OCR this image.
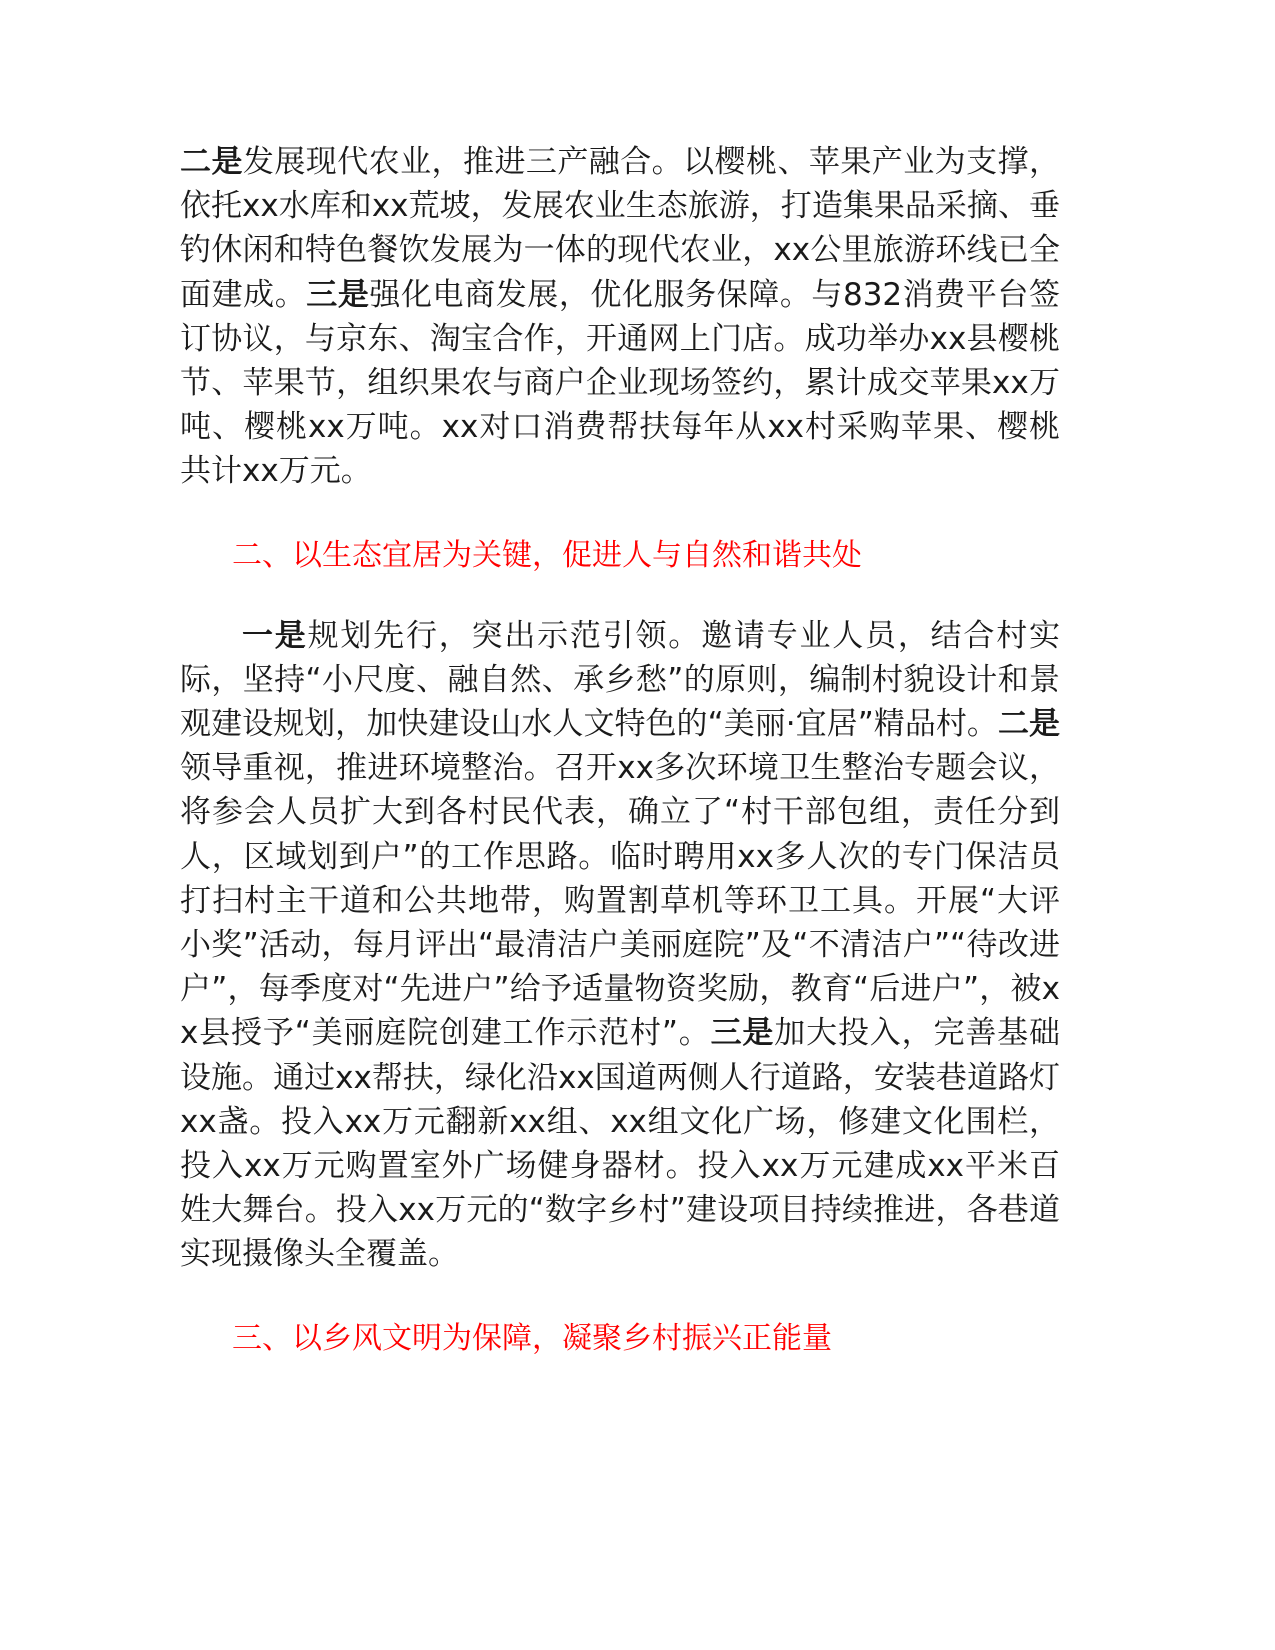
二是发展现代农业，推进三产融合。以樱桃、苹果产业为支撑，依托xx水库和xx荒坡，发展农业生态旅游，打造集果品采摘、垂钓休闲和特色餐饮发展为一体的现代农业，xx公里旅游环线已全面建成。三是强化电商发展，优化服务保障。与832消费平台签订协议，与京东、淘宝合作，开通网上门店。成功举办xx县樱桃节、苹果节，组织果农与商户企业现场签约，累计成交苹果xx万吨、樱桃xx万吨。xx对口消费帮扶每年从xx村采购苹果、樱桃共计xx万元。

二、以生态宜居为关键，促进人与自然和谐共处

一是规划先行，突出示范引领。邀请专业人员，结合村实际，坚持“小尺度、融自然、承乡愁”的原则，编制村貌设计和景观建设规划，加快建设山水人文特色的“美丽·宜居”精品村。二是领导重视，推进环境整治。召开xx多次环境卫生整治专题会议，将参会人员扩大到各村民代表，确立了“村干部包组，责任分到人，区域划到户”的工作思路。临时聘用xx多人次的专门保洁员打扫村主干道和公共地带，购置割草机等环卫工具。开展“大评小奖”活动，每月评出“最清洁户美丽庭院”及“不清洁户”“待改进户”，每季度对“先进户”给予适量物资奖励，教育“后进户”，被xx县授予“美丽庭院创建工作示范村”。三是加大投入，完善基础设施。通过xx帮扶，绿化沿xx国道两侧人行道路，安装巷道路灯xx盏。投入xx万元翻新xx组、xx组文化广场，修建文化围栏，投入xx万元购置室外广场健身器材。投入xx万元建成xx平米百姓大舞台。投入xx万元的“数字乡村”建设项目持续推进，各巷道实现摄像头全覆盖。

三、以乡风文明为保障，凝聚乡村振兴正能量
